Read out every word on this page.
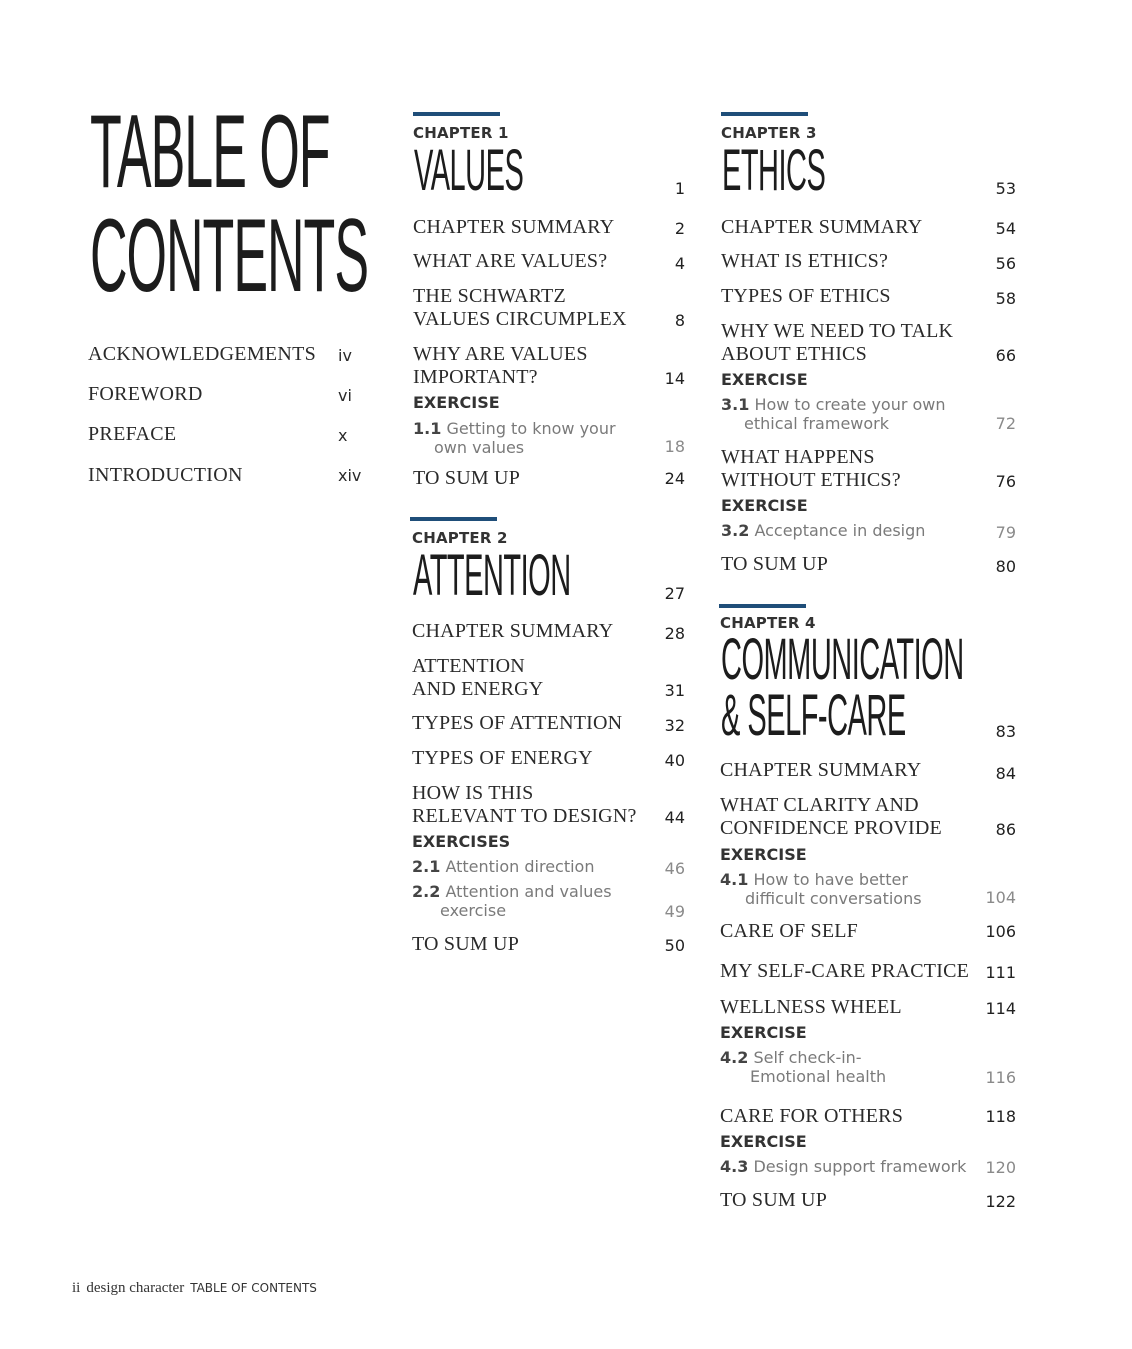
TABLE OF
CONTENTS
ACKNOWLEDGEMENTS iv
FOREWORD	vi
PREFACE	x
INTRODUCTION	xiv
CHAPTER 1
VALUES	1
CHAPTER SUMMARY	2
WHAT ARE VALUES?	4
THE SCHWARTZ
VALUES CIRCUMPLEX	8
WHY ARE VALUES
IMPORTANT?	14
EXERCISE
1.1 Getting to know your
own values	18
TO SUM UP	24
CHAPTER 2
ATTENTION	27
CHAPTER SUMMARY	28
ATTENTION
AND ENERGY	31
TYPES OF ATTENTION	32
TYPES OF ENERGY	40
HOW IS THIS
RELEVANT TO DESIGN?	44
EXERCISES
2.1 Attention direction	46
2.2 Attention and values
exercise	49
TO SUM UP	50
CHAPTER 3
ETHICS	53
CHAPTER SUMMARY	54
WHAT IS ETHICS?	56
TYPES OF ETHICS	58
WHY WE NEED TO TALK
ABOUT ETHICS	66
EXERCISE
3.1 How to create your own
ethical framework	72
WHAT HAPPENS
WITHOUT ETHICS?	76
EXERCISE
3.2 Acceptance in design	79
TO SUM UP	80
CHAPTER 4
COMMUNICATION
& SELF-CARE	83
CHAPTER SUMMARY	84
WHAT CLARITY AND
CONFIDENCE PROVIDE	86
EXERCISE
4.1 How to have better
difficult conversations	104
CARE OF SELF	106
MY SELF-CARE PRACTICE	111
WELLNESS WHEEL	114
EXERCISE
4.2 Self check-in-
Emotional health	116
CARE FOR OTHERS	118
EXERCISE
4.3 Design support framework	120
TO SUM UP	122
ii design character TABLE OF CONTENTS
